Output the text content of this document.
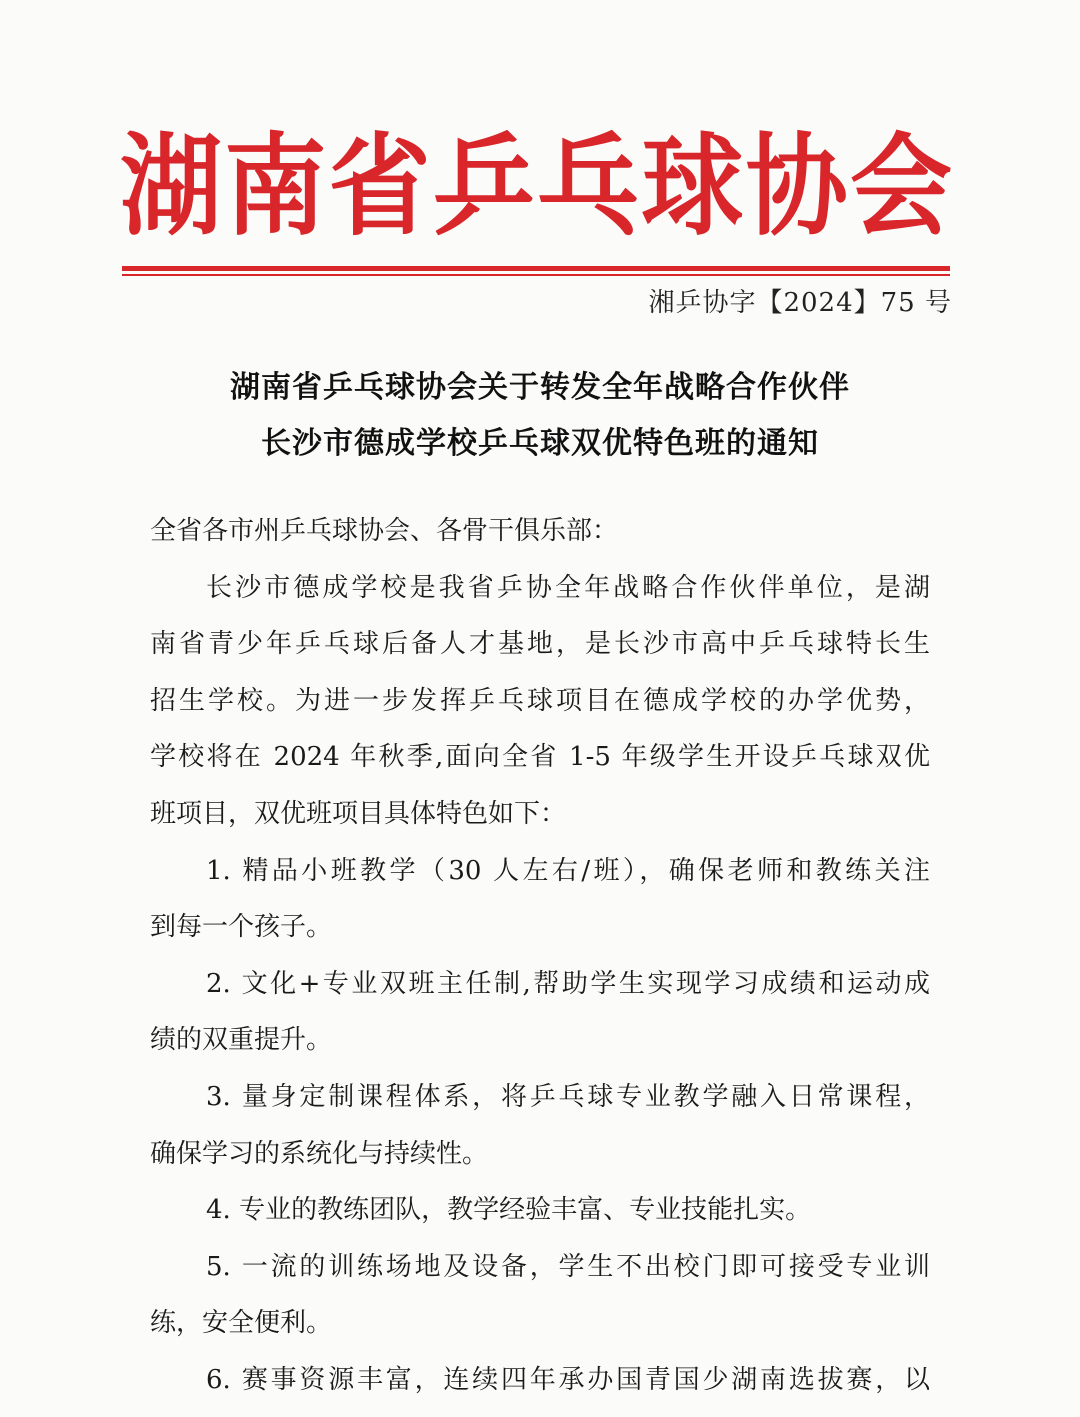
湖 南 省 乒 乓 球 协 会
湘乒协字【2024】75 号
湖南省乒乓球协会关于转发全年战略合作伙伴
长沙市德成学校乒乓球双优特色班的通知
全省各市州乒乓球协会、各骨干俱乐部：
长沙市德成学校是我省乒协全年战略合作伙伴单位，是湖
南省青少年乒乓球后备人才基地，是长沙市高中乒乓球特长生
招生学校。为进一步发挥乒乓球项目在德成学校的办学优势，
学校将在 2024 年秋季,面向全省 1-5 年级学生开设乒乓球双优
班项目，双优班项目具体特色如下：
1. 精品小班教学（30 人左右/班），确保老师和教练关注
到每一个孩子。
2. 文化+专业双班主任制,帮助学生实现学习成绩和运动成
绩的双重提升。
3. 量身定制课程体系，将乒乓球专业教学融入日常课程，
确保学习的系统化与持续性。
4. 专业的教练团队，教学经验丰富、专业技能扎实。
5. 一流的训练场地及设备，学生不出校门即可接受专业训
练，安全便利。
6. 赛事资源丰富，连续四年承办国青国少湖南选拔赛，以
